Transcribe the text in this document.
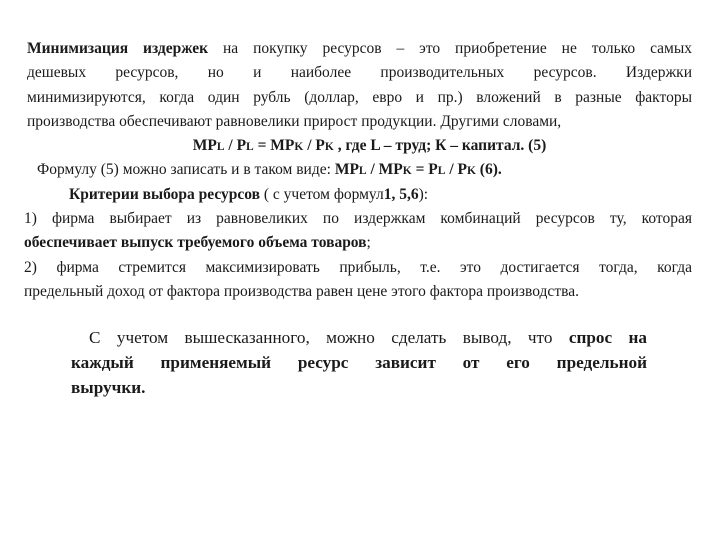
Минимизация издержек на покупку ресурсов – это приобретение не только самых
дешевых ресурсов, но и наиболее производительных ресурсов. Издержки
минимизируются, когда один рубль (доллар, евро и пр.) вложений в разные факторы
производства обеспечивают равновелики прирост продукции. Другими словами,
MPL / PL = MPK / PK , где L – труд; К – капитал. (5)
Формулу (5) можно записать и в таком виде: MPL / MPK = PL / PK (6).
Критерии выбора ресурсов ( с учетом формул1, 5,6):
1) фирма выбирает из равновеликих по издержкам комбинаций ресурсов ту, которая
обеспечивает выпуск требуемого объема товаров;
2) фирма стремится максимизировать прибыль, т.е. это достигается тогда, когда
предельный доход от фактора производства равен цене этого фактора производства.
С учетом вышесказанного, можно сделать вывод, что спрос на
каждый применяемый ресурс зависит от его предельной
выручки.
